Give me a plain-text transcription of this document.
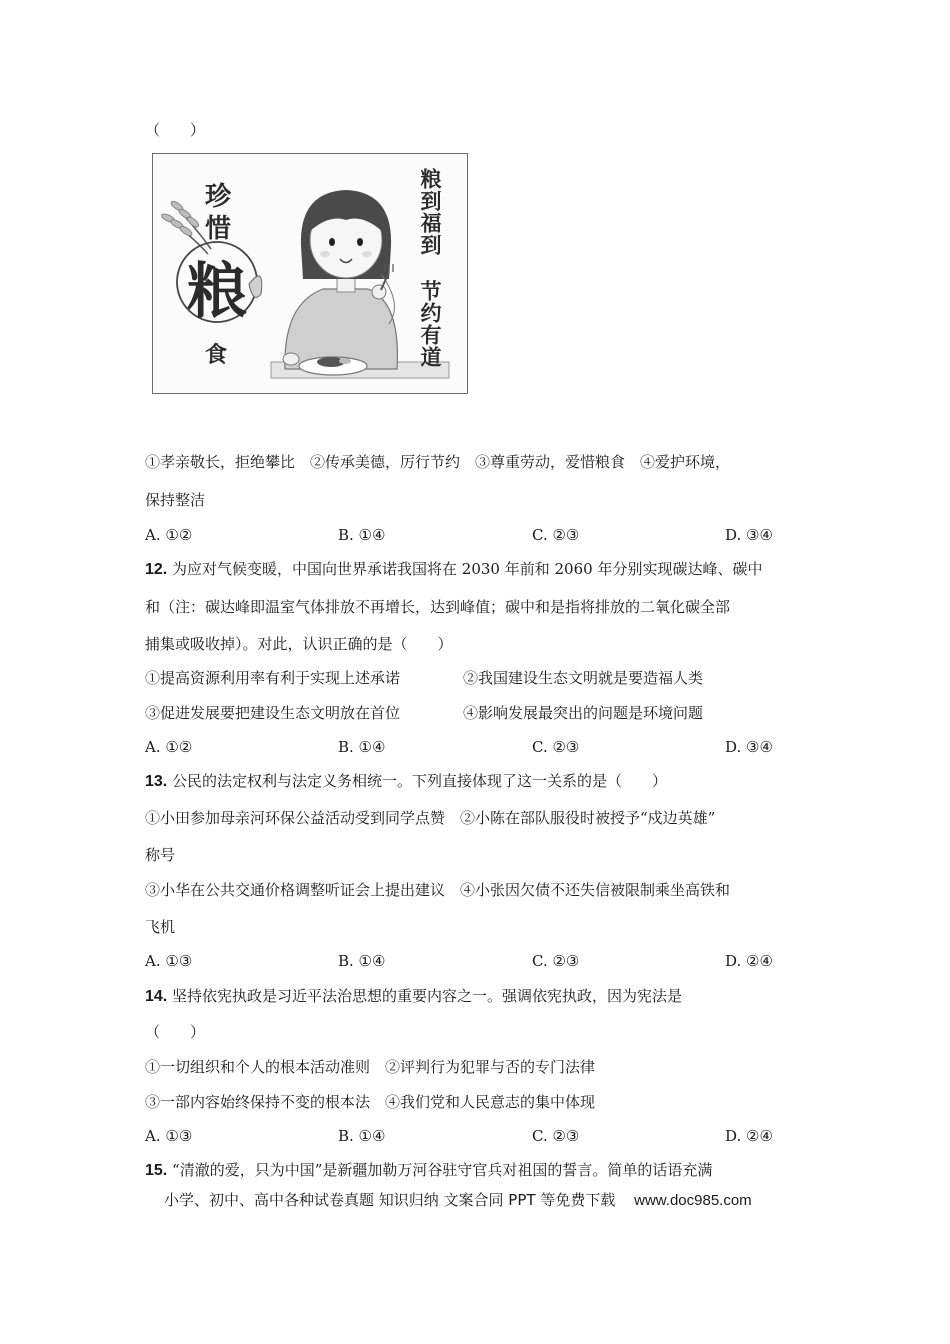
（　　）
珍
惜
粮
食
粮到福到
节约有道
①孝亲敬长，拒绝攀比　②传承美德，厉行节约　③尊重劳动，爱惜粮食　④爱护环境，
保持整洁
A. ①②	B. ①④	C. ②③	D. ③④
12. 为应对气候变暖，中国向世界承诺我国将在 2030 年前和 2060 年分别实现碳达峰、碳中
和（注：碳达峰即温室气体排放不再增长，达到峰值；碳中和是指将排放的二氧化碳全部
捕集或吸收掉）。对此，认识正确的是（　　）
①提高资源利用率有利于实现上述承诺	②我国建设生态文明就是要造福人类
③促进发展要把建设生态文明放在首位	④影响发展最突出的问题是环境问题
A. ①②	B. ①④	C. ②③	D. ③④
13. 公民的法定权利与法定义务相统一。下列直接体现了这一关系的是（　　）
①小田参加母亲河环保公益活动受到同学点赞　②小陈在部队服役时被授予“戍边英雄”
称号
③小华在公共交通价格调整听证会上提出建议　④小张因欠债不还失信被限制乘坐高铁和
飞机
A. ①③	B. ①④	C. ②③	D. ②④
14. 坚持依宪执政是习近平法治思想的重要内容之一。强调依宪执政，因为宪法是
（　　）
①一切组织和个人的根本活动准则　②评判行为犯罪与否的专门法律
③一部内容始终保持不变的根本法　④我们党和人民意志的集中体现
A. ①③	B. ①④	C. ②③	D. ②④
15. “清澈的爱，只为中国”是新疆加勒万河谷驻守官兵对祖国的誓言。简单的话语充满
小学、初中、高中各种试卷真题 知识归纳 文案合同 PPT 等免费下载 www.doc985.com
